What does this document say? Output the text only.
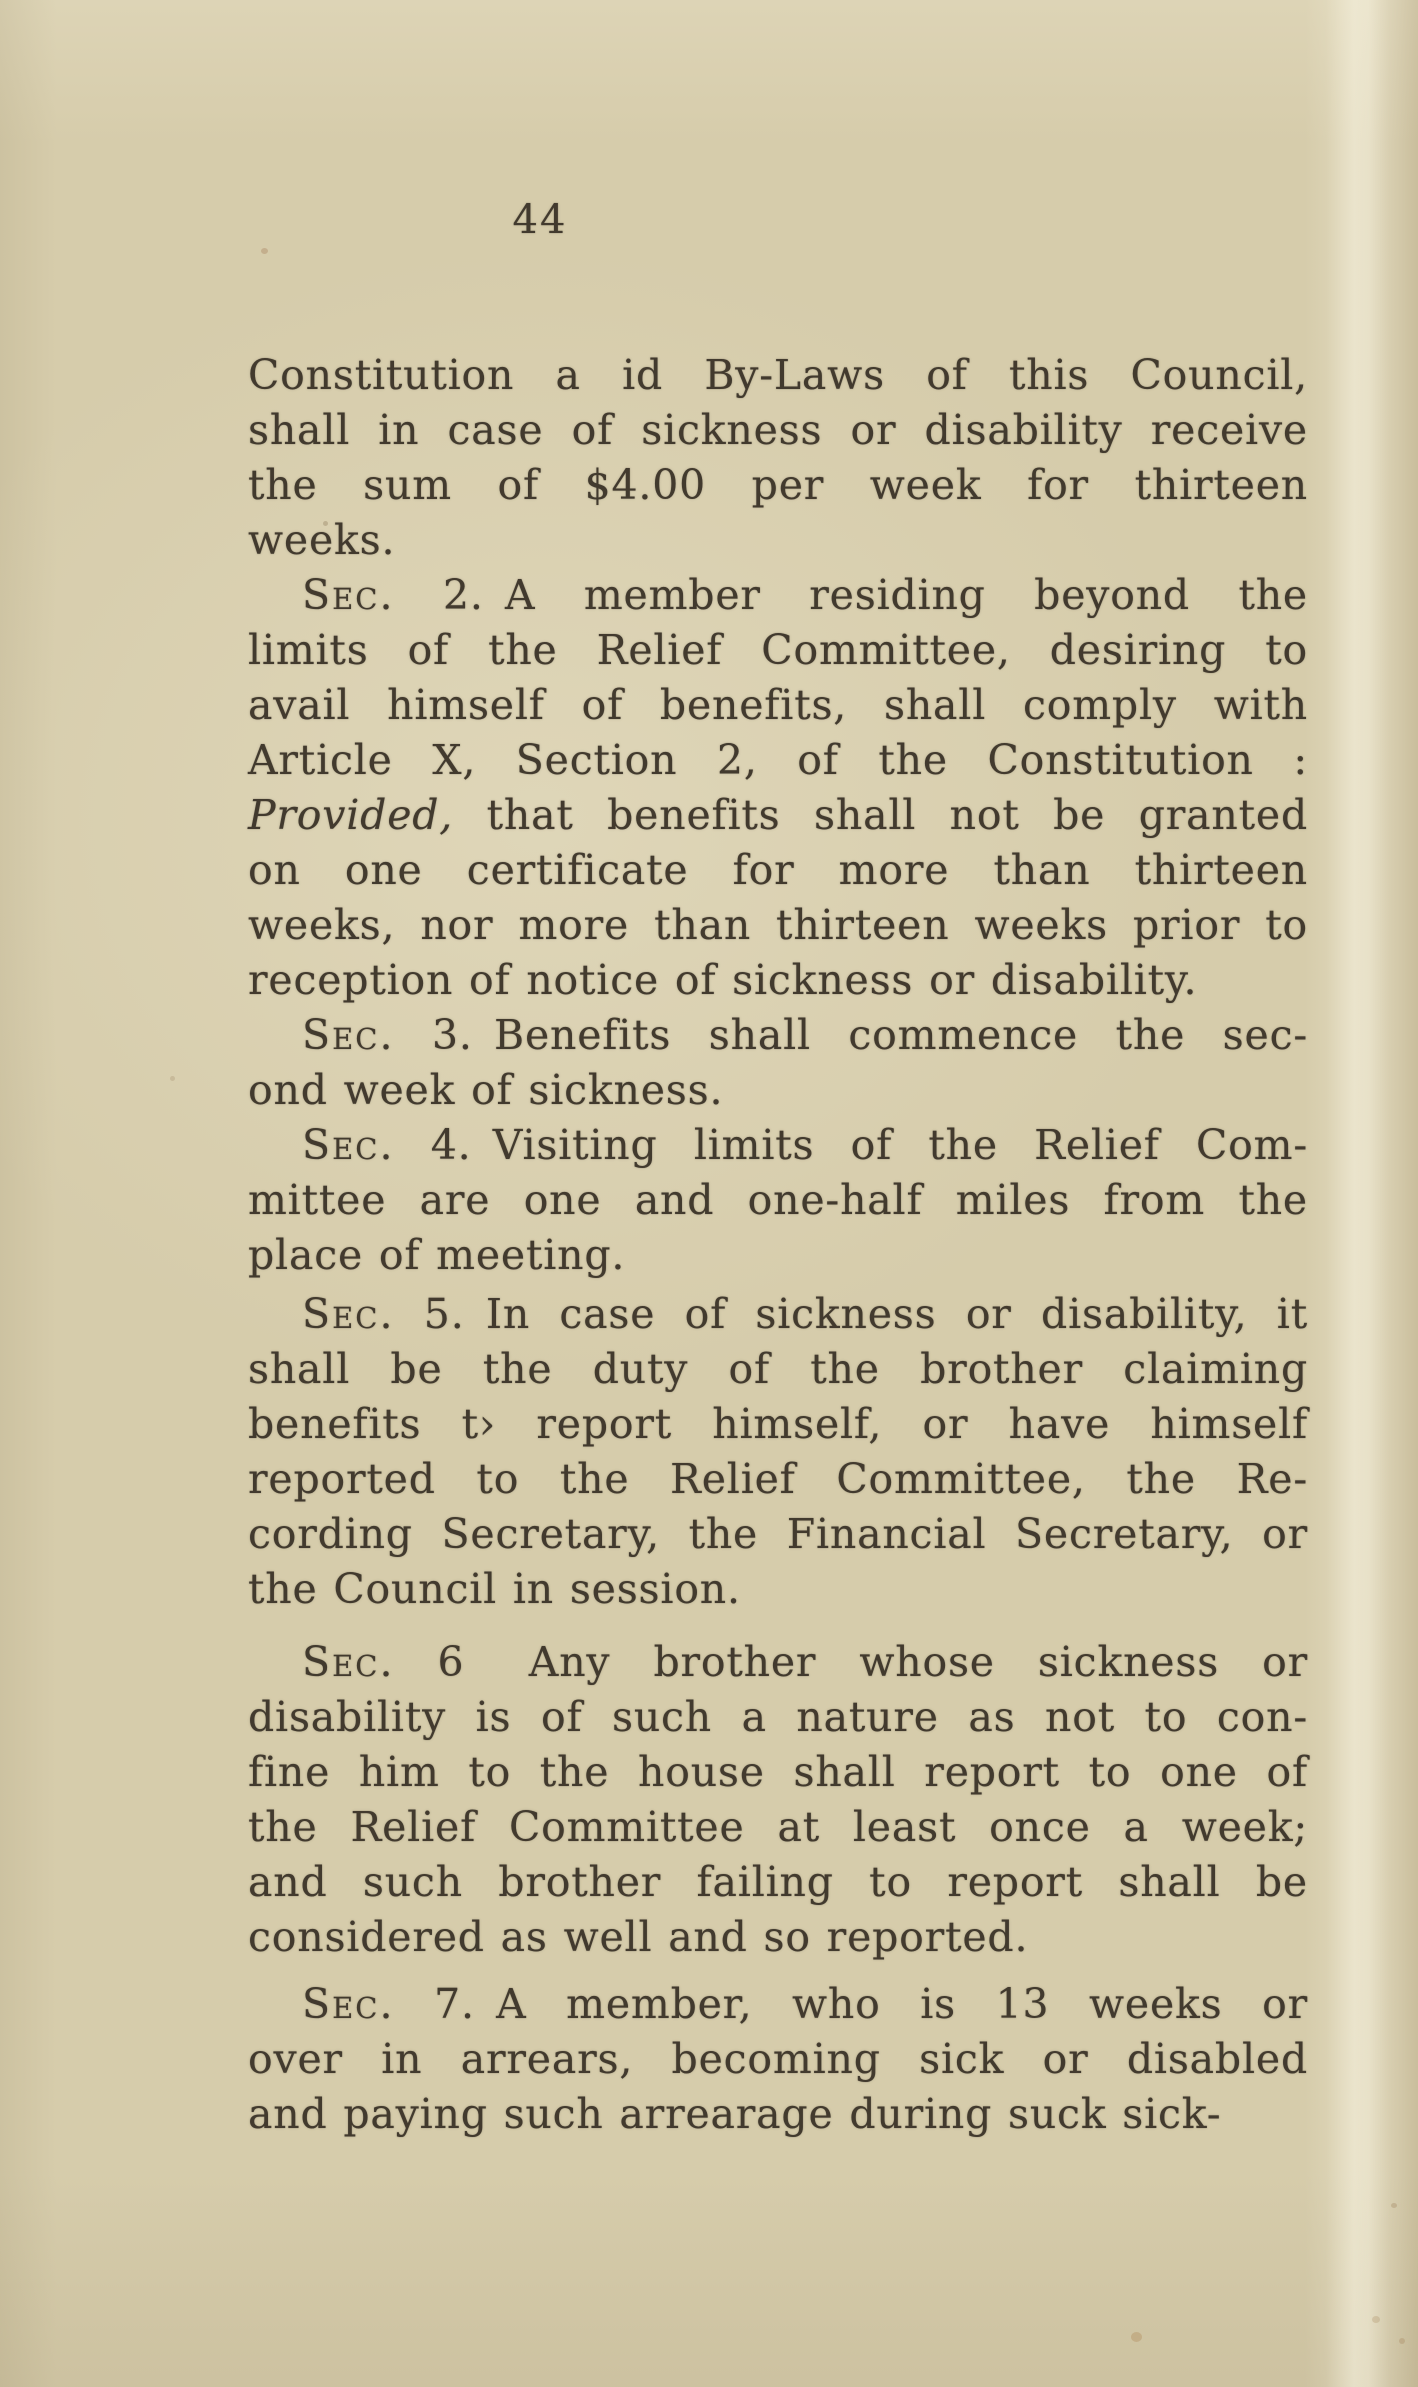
44
Constitution a id By-Laws of this Council,
shall in case of sickness or disability receive
the sum of $4.00 per week for thirteen
weeks.
Sec. 2. A member residing beyond the
limits of the Relief Committee, desiring to
avail himself of benefits, shall comply with
Article X, Section 2, of the Constitution :
Provided, that benefits shall not be granted
on one certificate for more than thirteen
weeks, nor more than thirteen weeks prior to
reception of notice of sickness or disability.
Sec. 3. Benefits shall commence the sec-
ond week of sickness.
Sec. 4. Visiting limits of the Relief Com-
mittee are one and one-half miles from the
place of meeting.
Sec. 5. In case of sickness or disability, it
shall be the duty of the brother claiming
benefits t› report himself, or have himself
reported to the Relief Committee, the Re-
cording Secretary, the Financial Secretary, or
the Council in session.
Sec. 6  Any brother whose sickness or
disability is of such a nature as not to con-
fine him to the house shall report to one of
the Relief Committee at least once a week;
and such brother failing to report shall be
considered as well and so reported.
Sec. 7. A member, who is 13 weeks or
over in arrears, becoming sick or disabled
and paying such arrearage during suck sick-
